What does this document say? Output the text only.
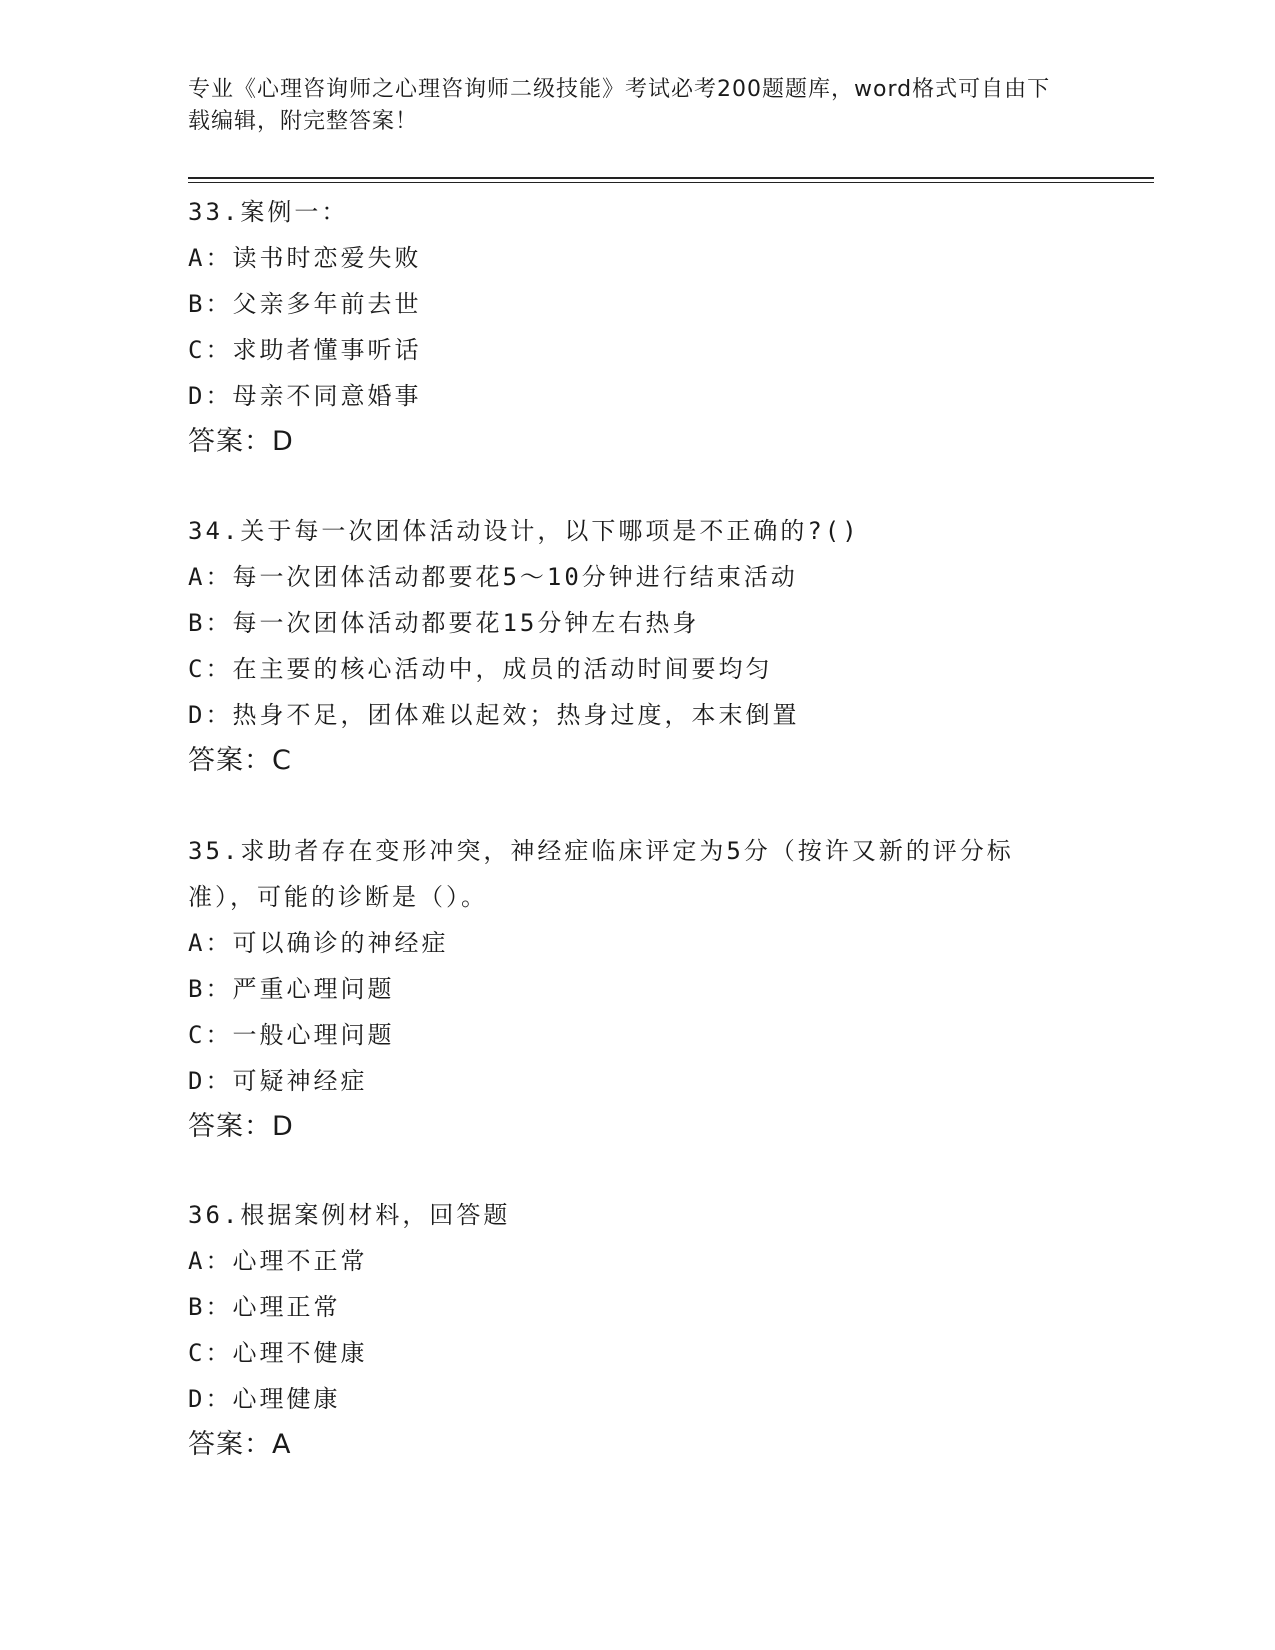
专业《心理咨询师之心理咨询师二级技能》考试必考200题题库，word格式可自由下载编辑，附完整答案！
33.案例一：
A：读书时恋爱失败
B：父亲多年前去世
C：求助者懂事听话
D：母亲不同意婚事
答案：D
34.关于每一次团体活动设计，以下哪项是不正确的?()
A：每一次团体活动都要花5～10分钟进行结束活动
B：每一次团体活动都要花15分钟左右热身
C：在主要的核心活动中，成员的活动时间要均匀
D：热身不足，团体难以起效；热身过度，本末倒置
答案：C
35.求助者存在变形冲突，神经症临床评定为5分（按许又新的评分标准），可能的诊断是（）。
A：可以确诊的神经症
B：严重心理问题
C：一般心理问题
D：可疑神经症
答案：D
36.根据案例材料，回答题
A：心理不正常
B：心理正常
C：心理不健康
D：心理健康
答案：A
